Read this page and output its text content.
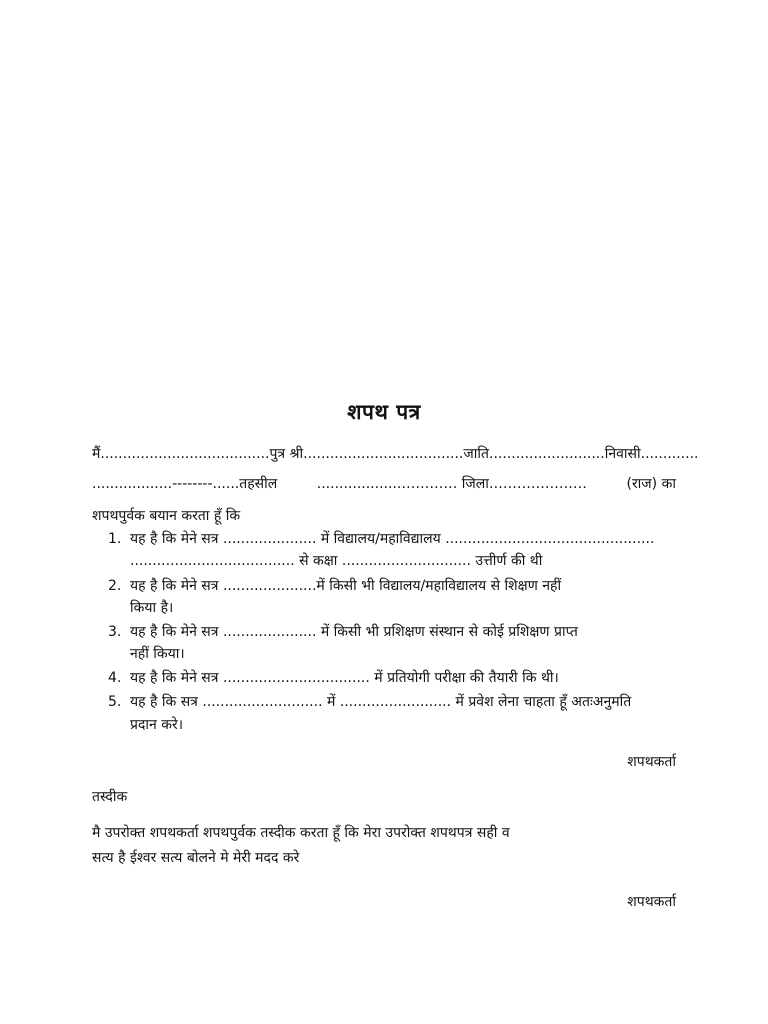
शपथ पत्र
मैं ...................................... पुत्र श्री .................................... जाति .......................... निवासी .............
..................--------......तहसील	...................………… जिला…………………	(राज) का
शपथपुर्वक बयान करता हूँ कि
1. यह है कि मेने सत्र ..................... में विद्यालय/महाविद्यालय ...............................................
..................................... से कक्षा ............................. उत्तीर्ण की थी
2. यह है कि मेने सत्र .....................में किसी भी विद्यालय/महाविद्यालय से शिक्षण नहीं
किया है।
3. यह है कि मेने सत्र ..................... में किसी भी प्रशिक्षण संस्थान से कोई प्रशिक्षण प्राप्त
नहीं किया।
4. यह है कि मेने सत्र ................................. में प्रतियोगी परीक्षा की तैयारी कि थी।
5. यह है कि सत्र ........................... में ......................... में प्रवेश लेना चाहता हूँ अतःअनुमति
प्रदान करे।
शपथकर्ता
तस्दीक
मै उपरोक्त शपथकर्ता शपथपुर्वक तस्दीक करता हूँ कि मेरा उपरोक्त शपथपत्र सही व
सत्य है ईश्वर सत्य बोलने मे मेरी मदद करे
शपथकर्ता
